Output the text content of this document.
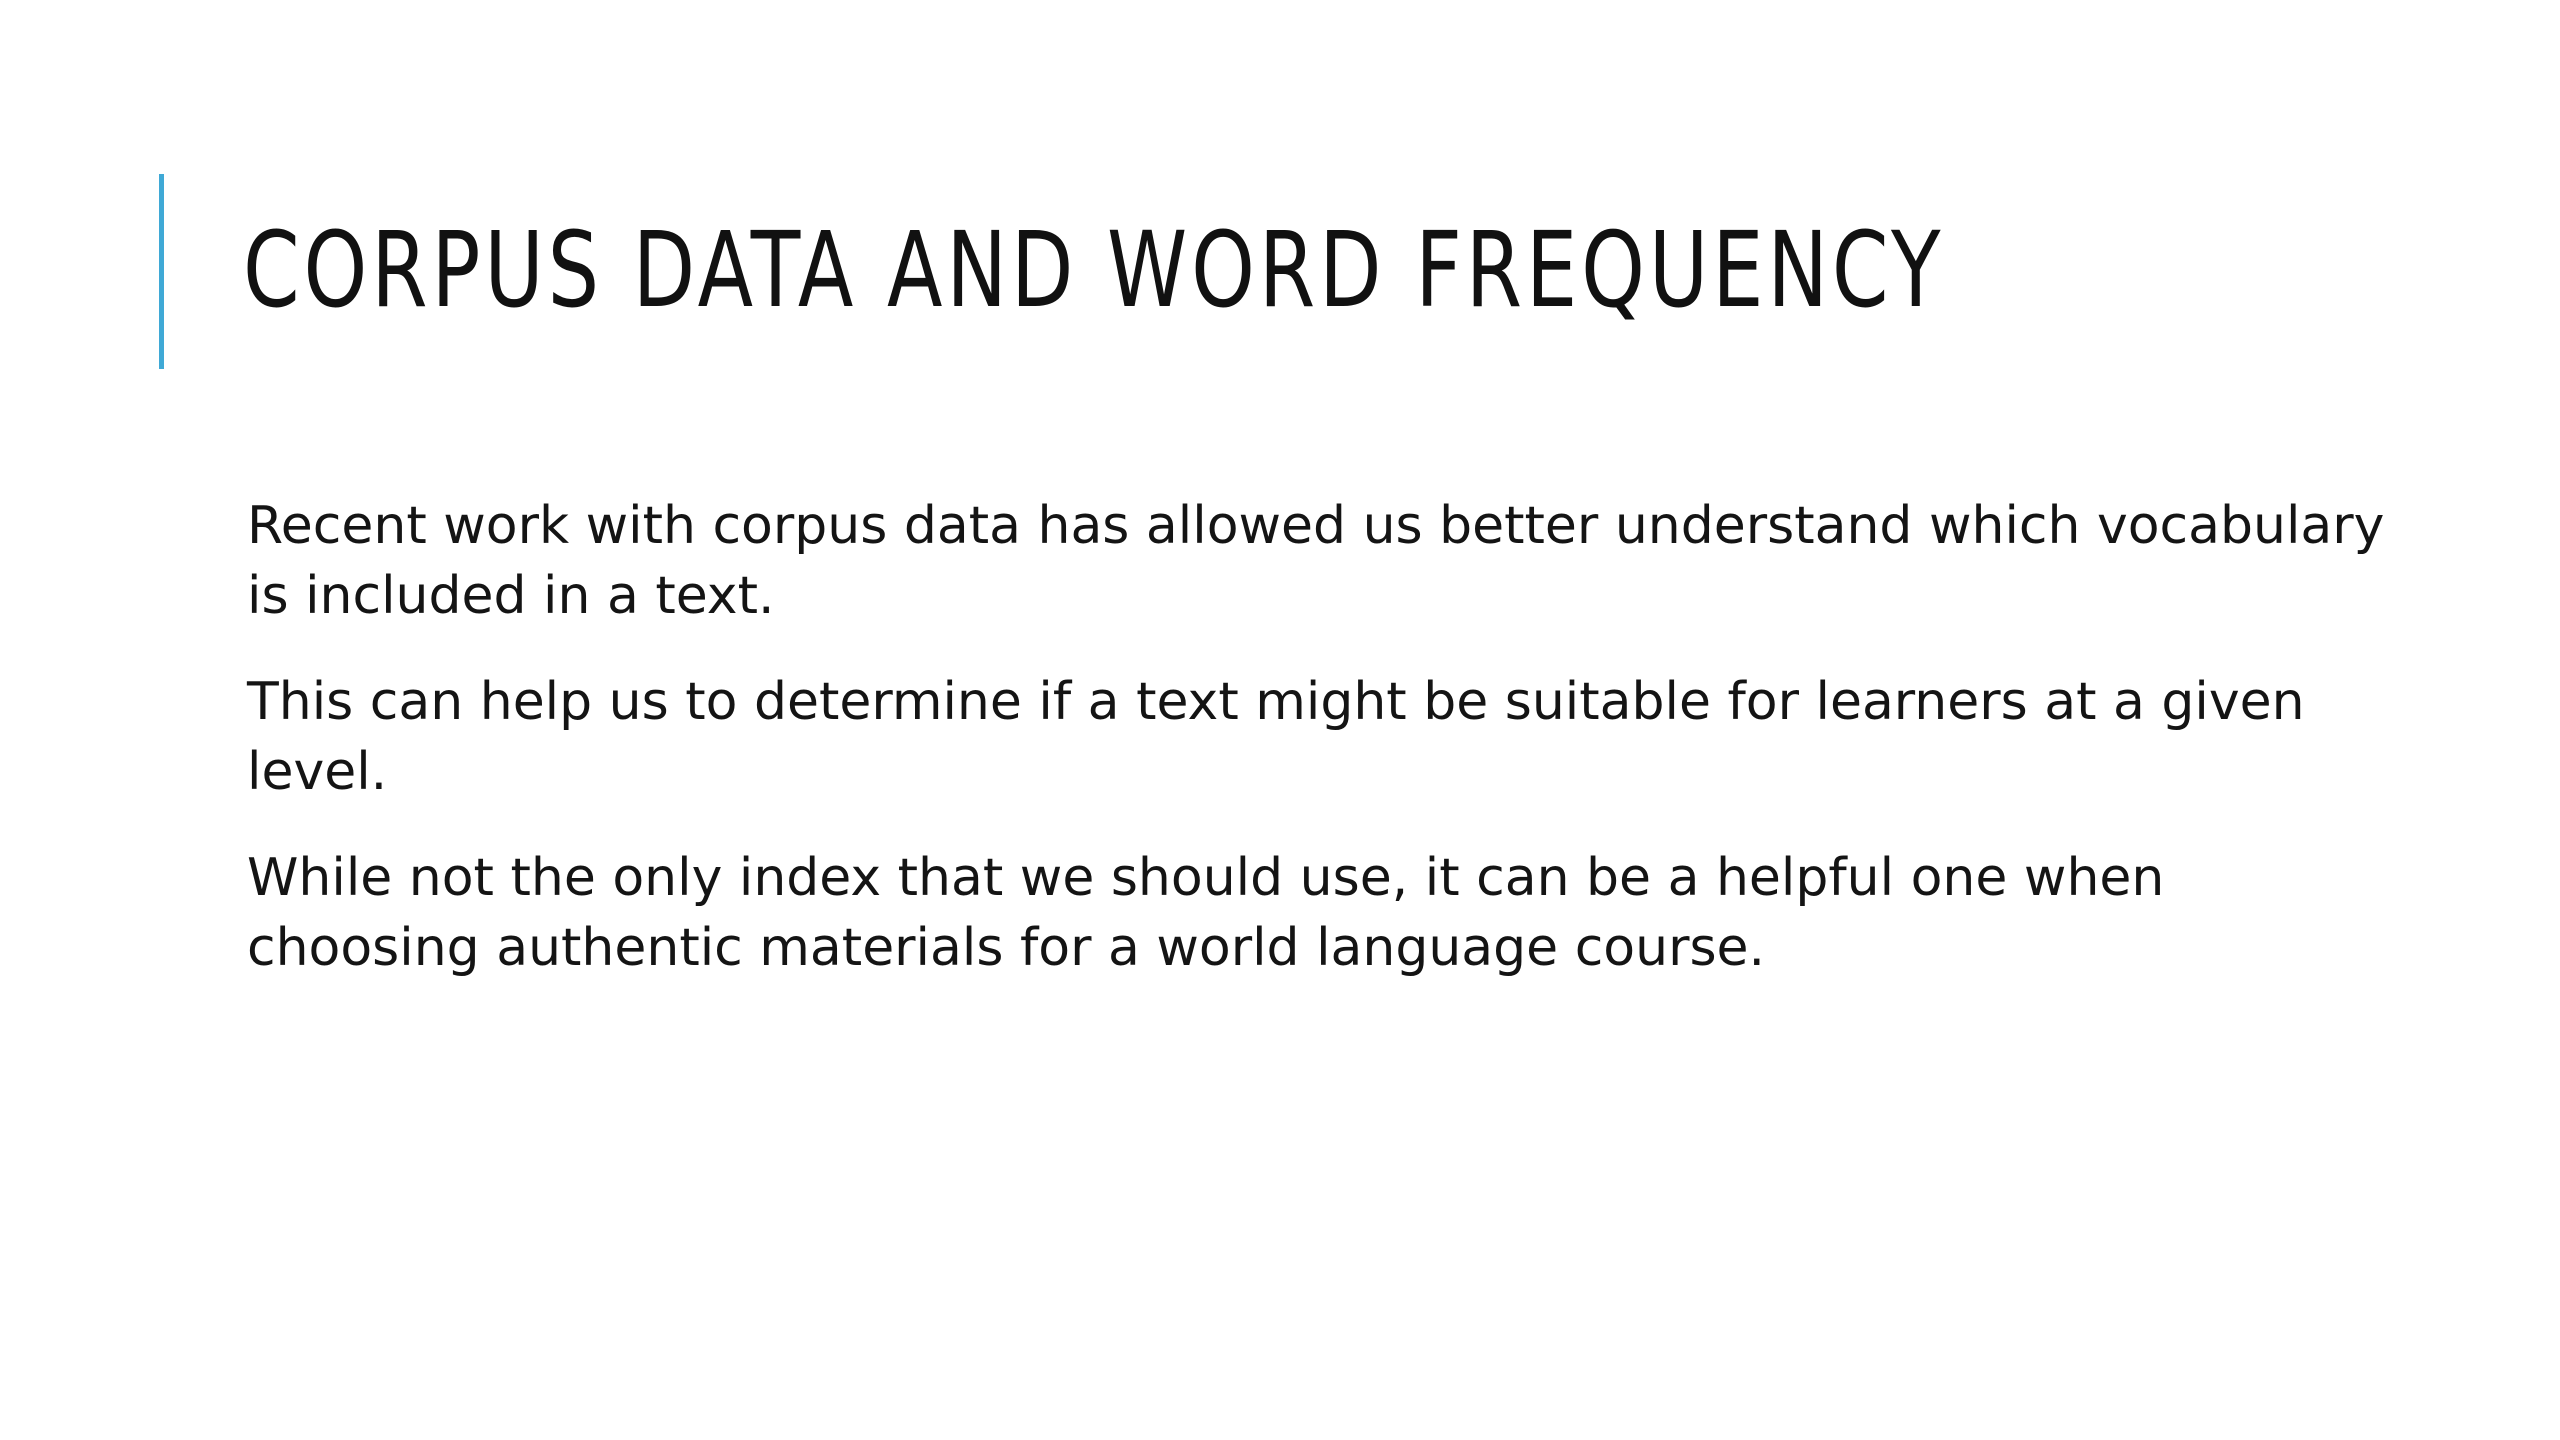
CORPUS DATA AND WORD FREQUENCY

Recent work with corpus data has allowed us better understand which vocabulary is included in a text.

This can help us to determine if a text might be suitable for learners at a given level.

While not the only index that we should use, it can be a helpful one when choosing authentic materials for a world language course.
